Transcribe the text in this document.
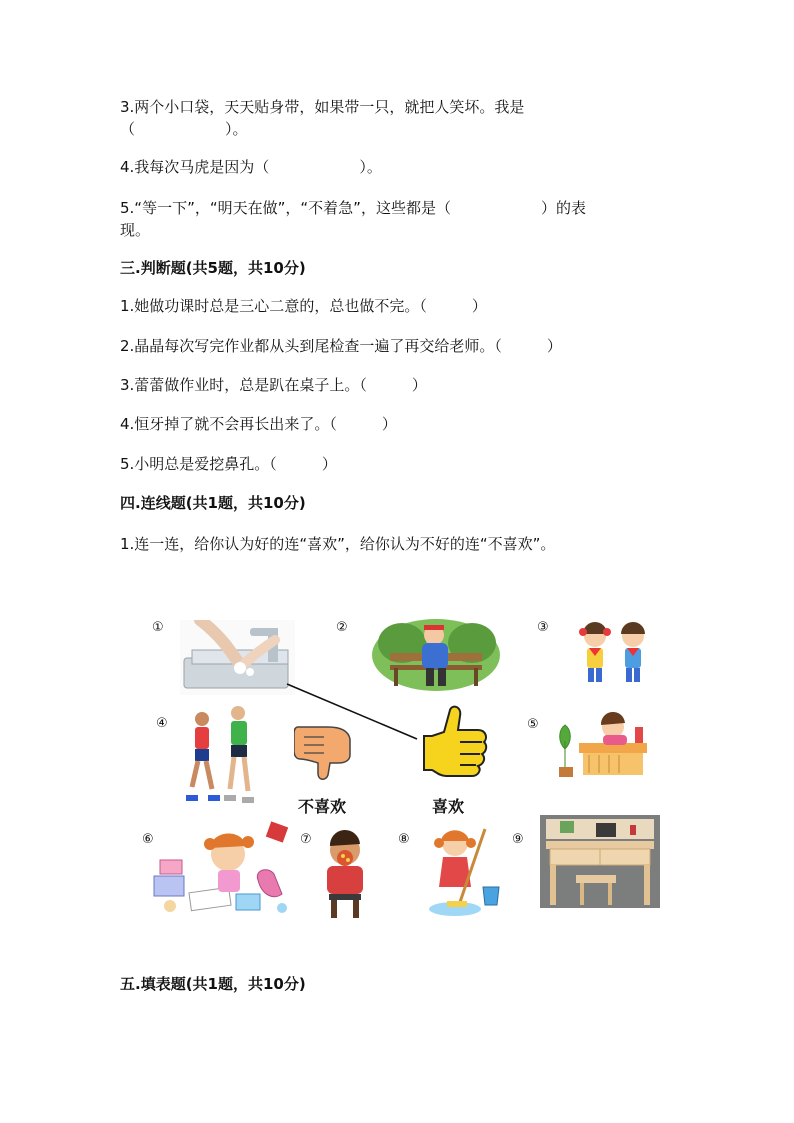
3.两个小口袋，天天贴身带，如果带一只，就把人笑坏。我是
（　　　　　　）。
4.我每次马虎是因为（　　　　　　）。
5.“等一下”，“明天在做”，“不着急”，这些都是（　　　　　　）的表
现。
三.判断题(共5题，共10分)
1.她做功课时总是三心二意的，总也做不完。（　　　）
2.晶晶每次写完作业都从头到尾检查一遍了再交给老师。（　　　）
3.蕾蕾做作业时，总是趴在桌子上。（　　　）
4.恒牙掉了就不会再长出来了。（　　　）
5.小明总是爱挖鼻孔。（　　　）
四.连线题(共1题，共10分)
1.连一连，给你认为好的连“喜欢”，给你认为不好的连“不喜欢”。
①	②	③
④	⑤
⑥	⑦	⑧	⑨
不喜欢	喜欢
五.填表题(共1题，共10分)
